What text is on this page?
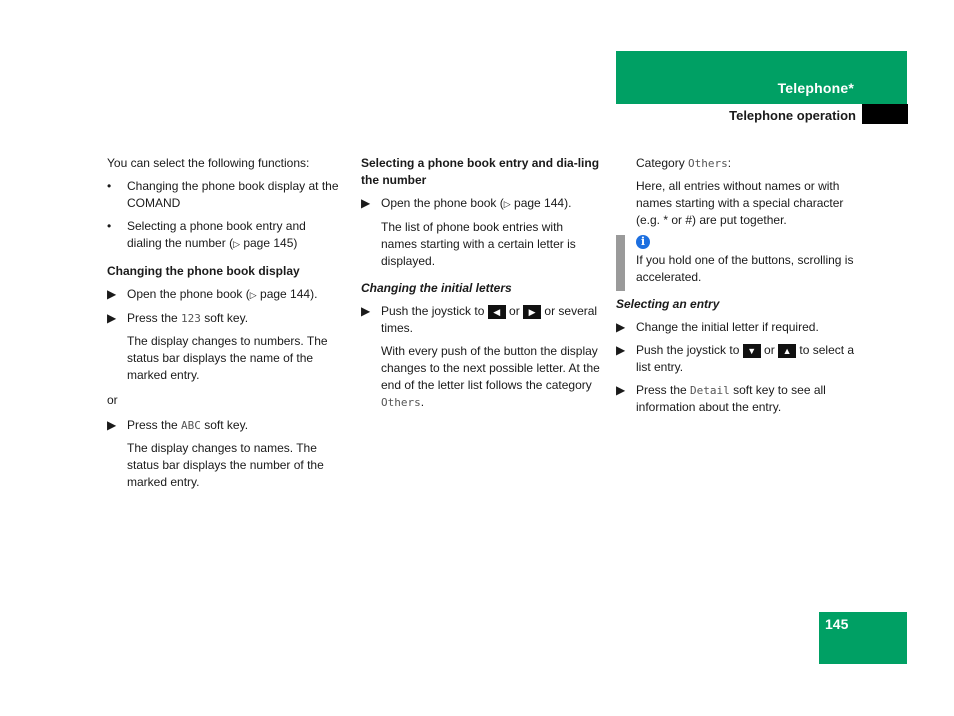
Telephone*
Telephone operation

You can select the following functions:

•	Changing the phone book display at the COMAND
•	Selecting a phone book entry and dialing the number (▷ page 145)
Changing the phone book display
▶ Open the phone book (▷ page 144).
▶ Press the 123 soft key.

The display changes to numbers. The status bar displays the name of the marked entry.

or

▶ Press the ABC soft key.

The display changes to names. The status bar displays the number of the marked entry.

Selecting a phone book entry and dia-ling the number
▶ Open the phone book (▷ page 144).

The list of phone book entries with names starting with a certain letter is displayed.

Changing the initial letters
▶ Push the joystick to ◀ or ▶ or several times.

With every push of the button the display changes to the next possible letter. At the end of the letter list follows the category Others.

Category Others:

Here, all entries without names or with names starting with a special character (e.g. * or #) are put together.

i
If you hold one of the buttons, scrolling is accelerated.
Selecting an entry
▶ Change the initial letter if required.
▶ Push the joystick to ▼ or ▲ to select a list entry.
▶ Press the Detail soft key to see all information about the entry.
145
